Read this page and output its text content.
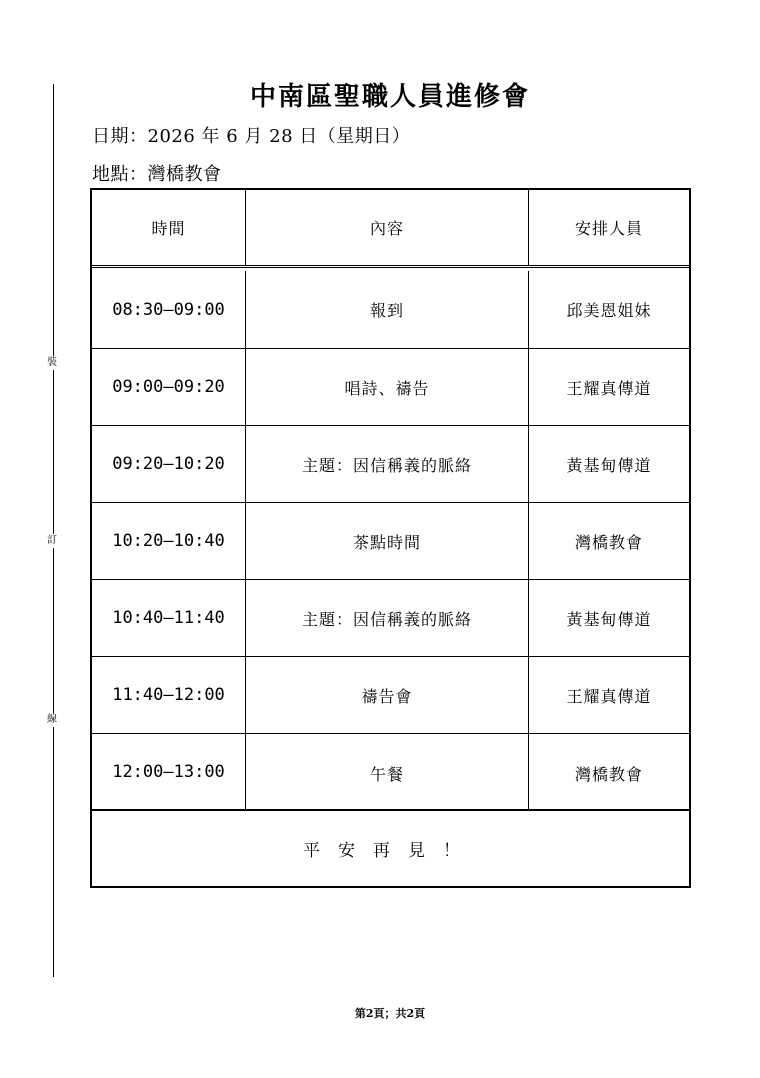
裝
訂
線
中南區聖職人員進修會
日期：2026 年 6 月 28 日（星期日）
地點：灣橋教會
時間	內容	安排人員
08:30—09:00	報到	邱美恩姐妹
09:00—09:20	唱詩、禱告	王耀真傳道
09:20—10:20	主題：因信稱義的脈絡	黃基甸傳道
10:20—10:40	茶點時間	灣橋教會
10:40—11:40	主題：因信稱義的脈絡	黃基甸傳道
11:40—12:00	禱告會	王耀真傳道
12:00—13:00	午餐	灣橋教會
平安再見！
第2頁；共2頁
